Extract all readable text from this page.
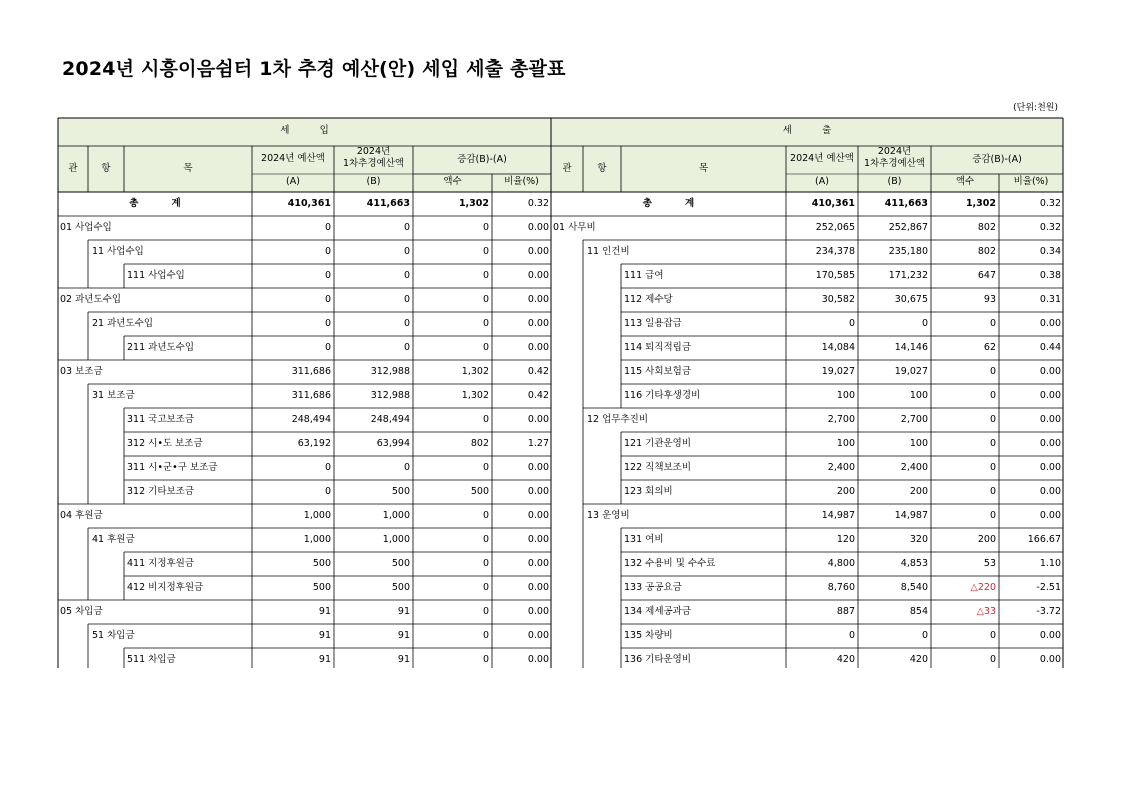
2024년 시흥이음쉼터 1차 추경 예산(안) 세입 세출 총괄표
(단위:천원)
세          입
관	항	목
2024년 예산액
(A)
2024년
1차추경예산액
(B)
증감(B)-(A)
액수	비율(%)
세          출
관	항	목
2024년 예산액
(A)
2024년
1차추경예산액
(B)
증감(B)-(A)
액수	비율(%)
총          계	410,361	411,663	1,302	0.32	총          계	410,361	411,663	1,302	0.32
01 사업수입	0	0	0	0.00 01 사무비	252,065	252,867	802	0.32
11 사업수입	0	0	0	0.00	11 인건비	234,378	235,180	802	0.34
111 사업수입	0	0	0	0.00	111 급여	170,585	171,232	647	0.38
02 과년도수입	0	0	0	0.00	112 제수당	30,582	30,675	93	0.31
21 과년도수입	0	0	0	0.00	113 일용잡급	0	0	0	0.00
211 과년도수입	0	0	0	0.00	114 퇴직적립금	14,084	14,146	62	0.44
03 보조금	311,686	312,988	1,302	0.42	115 사회보험금	19,027	19,027	0	0.00
31 보조금	311,686	312,988	1,302	0.42	116 기타후생경비	100	100	0	0.00
311 국고보조금	248,494	248,494	0	0.00	12 업무추진비	2,700	2,700	0	0.00
312 시•도 보조금	63,192	63,994	802	1.27	121 기관운영비	100	100	0	0.00
311 시•군•구 보조금	0	0	0	0.00	122 직책보조비	2,400	2,400	0	0.00
312 기타보조금	0	500	500	0.00	123 회의비	200	200	0	0.00
04 후원금	1,000	1,000	0	0.00	13 운영비	14,987	14,987	0	0.00
41 후원금	1,000	1,000	0	0.00	131 여비	120	320	200	166.67
411 지정후원금	500	500	0	0.00	132 수용비 및 수수료	4,800	4,853	53	1.10
412 비지정후원금	500	500	0	0.00	133 공공요금	8,760	8,540	△220	-2.51
05 차입금	91	91	0	0.00	134 제세공과금	887	854	△33	-3.72
51 차입금	91	91	0	0.00	135 차량비	0	0	0	0.00
511 차입금	91	91	0	0.00	136 기타운영비	420	420	0	0.00
